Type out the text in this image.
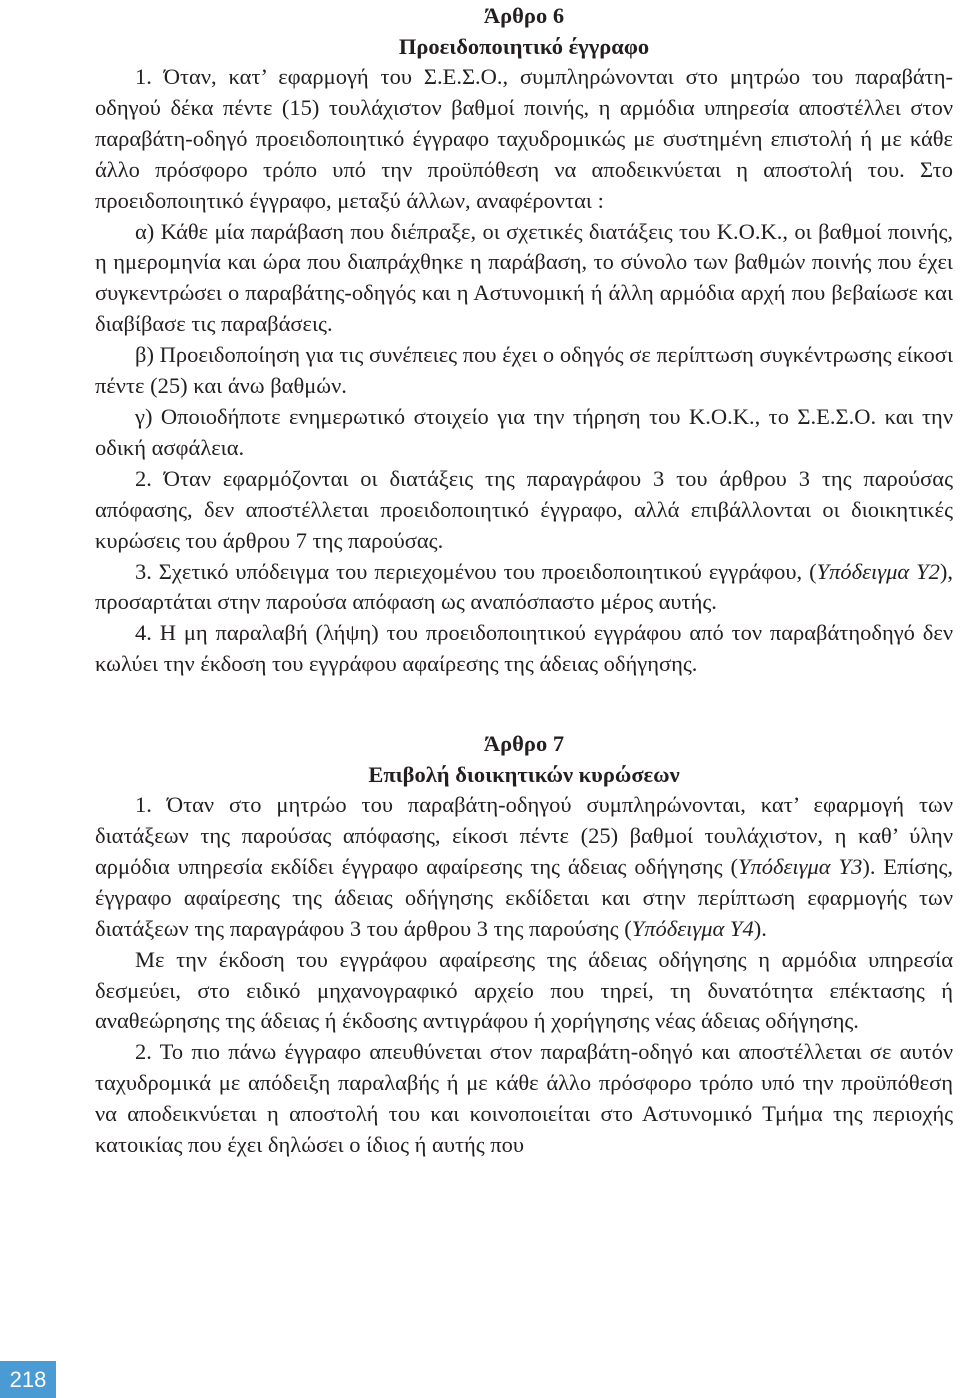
Άρθρο 6
Προειδοποιητικό έγγραφο

1. Όταν, κατ’ εφαρμογή του Σ.Ε.Σ.Ο., συμπληρώνονται στο μητρώο του παραβάτη-οδηγού δέκα πέντε (15) τουλάχιστον βαθμοί ποινής, η αρμόδια υπηρεσία αποστέλλει στον παραβάτη-οδηγό προειδοποιητικό έγγραφο ταχυδρομικώς με συστημένη επιστολή ή με κάθε άλλο πρόσφορο τρόπο υπό την προϋπόθεση να αποδεικνύεται η αποστολή του. Στο προειδοποιητικό έγγραφο, μεταξύ άλλων, αναφέρονται :

α) Κάθε μία παράβαση που διέπραξε, οι σχετικές διατάξεις του Κ.Ο.Κ., οι βαθμοί ποινής, η ημερομηνία και ώρα που διαπράχθηκε η παράβαση, το σύνολο των βαθμών ποινής που έχει συγκεντρώσει ο παραβάτης-οδηγός και η Αστυνομική ή άλλη αρμόδια αρχή που βεβαίωσε και διαβίβασε τις παραβάσεις.

β) Προειδοποίηση για τις συνέπειες που έχει ο οδηγός σε περίπτωση συγκέντρωσης είκοσι πέντε (25) και άνω βαθμών.

γ) Οποιοδήποτε ενημερωτικό στοιχείο για την τήρηση του Κ.Ο.Κ., το Σ.Ε.Σ.Ο. και την οδική ασφάλεια.

2. Όταν εφαρμόζονται οι διατάξεις της παραγράφου 3 του άρθρου 3 της παρούσας απόφασης, δεν αποστέλλεται προειδοποιητικό έγγραφο, αλλά επιβάλλονται οι διοικητικές κυρώσεις του άρθρου 7 της παρούσας.

3. Σχετικό υπόδειγμα του περιεχομένου του προειδοποιητικού εγγράφου, (Υπόδειγμα Υ2), προσαρτάται στην παρούσα απόφαση ως αναπόσπαστο μέρος αυτής.

4. Η μη παραλαβή (λήψη) του προειδοποιητικού εγγράφου από τον παραβάτηοδηγό δεν κωλύει την έκδοση του εγγράφου αφαίρεσης της άδειας οδήγησης.

Άρθρο 7
Επιβολή διοικητικών κυρώσεων

1. Όταν στο μητρώο του παραβάτη-οδηγού συμπληρώνονται, κατ’ εφαρμογή των διατάξεων της παρούσας απόφασης, είκοσι πέντε (25) βαθμοί τουλάχιστον, η καθ’ ύλην αρμόδια υπηρεσία εκδίδει έγγραφο αφαίρεσης της άδειας οδήγησης (Υπόδειγμα Υ3). Επίσης, έγγραφο αφαίρεσης της άδειας οδήγησης εκδίδεται και στην περίπτωση εφαρμογής των διατάξεων της παραγράφου 3 του άρθρου 3 της παρούσης (Υπόδειγμα Υ4).

Με την έκδοση του εγγράφου αφαίρεσης της άδειας οδήγησης η αρμόδια υπηρεσία δεσμεύει, στο ειδικό μηχανογραφικό αρχείο που τηρεί, τη δυνατότητα επέκτασης ή αναθεώρησης της άδειας ή έκδοσης αντιγράφου ή χορήγησης νέας άδειας οδήγησης.

2. Το πιο πάνω έγγραφο απευθύνεται στον παραβάτη-οδηγό και αποστέλλεται σε αυτόν ταχυδρομικά με απόδειξη παραλαβής ή με κάθε άλλο πρόσφορο τρόπο υπό την προϋπόθεση να αποδεικνύεται η αποστολή του και κοινοποιείται στο Αστυνομικό Τμήμα της περιοχής κατοικίας που έχει δηλώσει ο ίδιος ή αυτής που

218
